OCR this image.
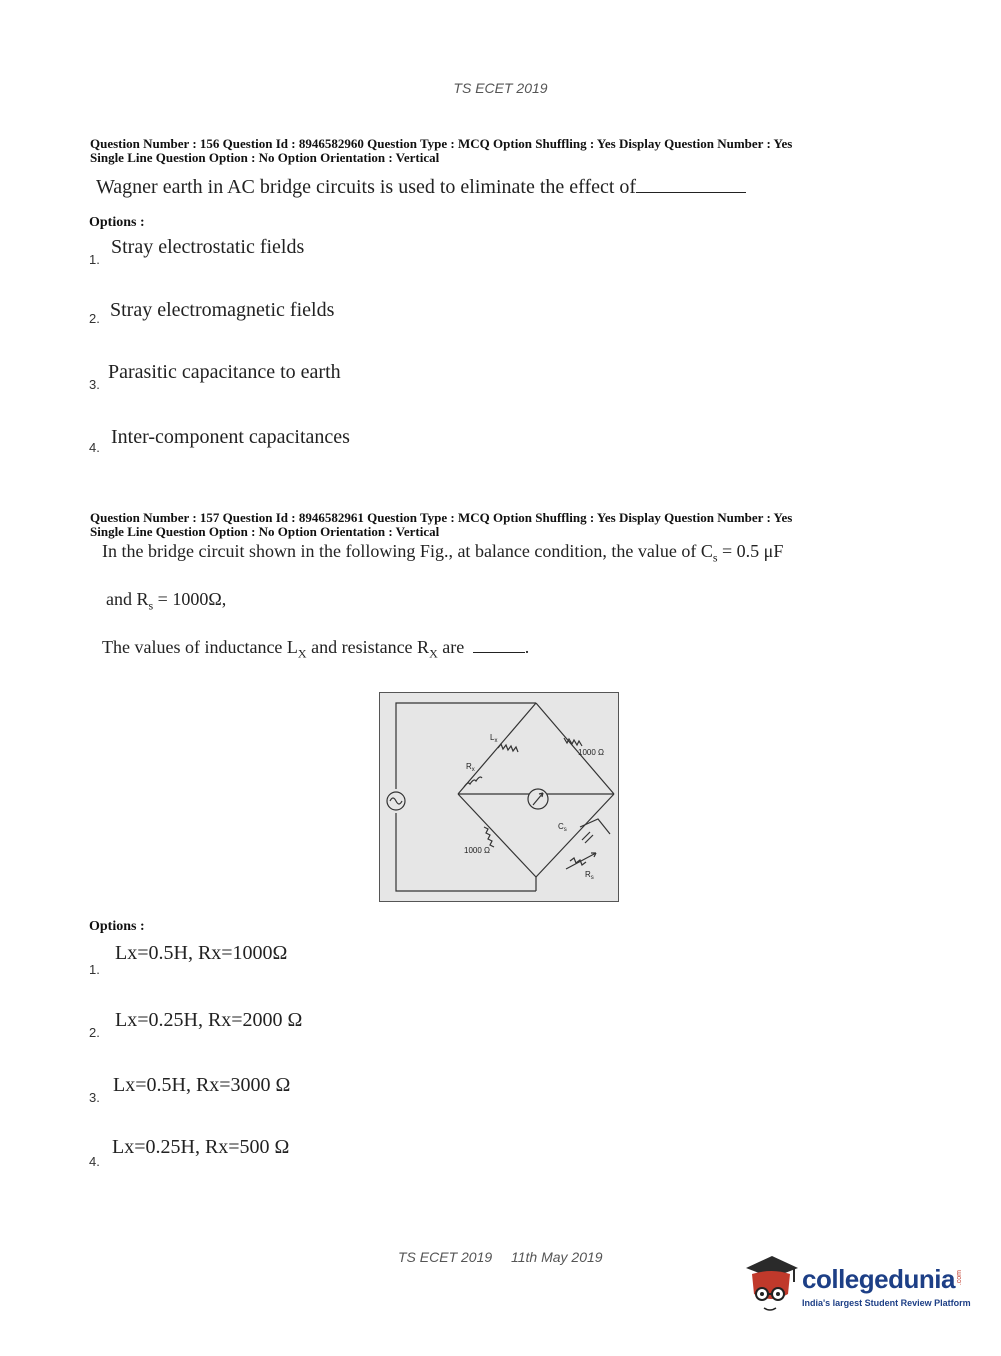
TS ECET 2019
Question Number : 156 Question Id : 8946582960 Question Type : MCQ Option Shuffling : Yes Display Question Number : Yes
Single Line Question Option : No Option Orientation : Vertical
Wagner earth in AC bridge circuits is used to eliminate the effect of
Options :
1.
Stray electrostatic fields
2. Stray electromagnetic fields
3.
Parasitic capacitance to earth
4. Inter-component capacitances
Question Number : 157 Question Id : 8946582961 Question Type : MCQ Option Shuffling : Yes Display Question Number : Yes
Single Line Question Option : No Option Orientation : Vertical
In the bridge circuit shown in the following Fig., at balance condition, the value of $C_s = 0.5$ μF
and $R_s = 1000\Omega$,
The values of inductance $L_X$ and resistance $R_X$ are	.
$L_x$
$R_x$
1000 Ω
1000 Ω
$C_s$
$R_s$
Options :
1.
Lx=0.5H, Rx=1000Ω
2.
Lx=0.25H, Rx=2000 Ω
3.
Lx=0.5H, Rx=3000 Ω
4.
Lx=0.25H, Rx=500 Ω
TS ECET 2019 11th May 2019
collegedunia .com
India's largest Student Review Platform
